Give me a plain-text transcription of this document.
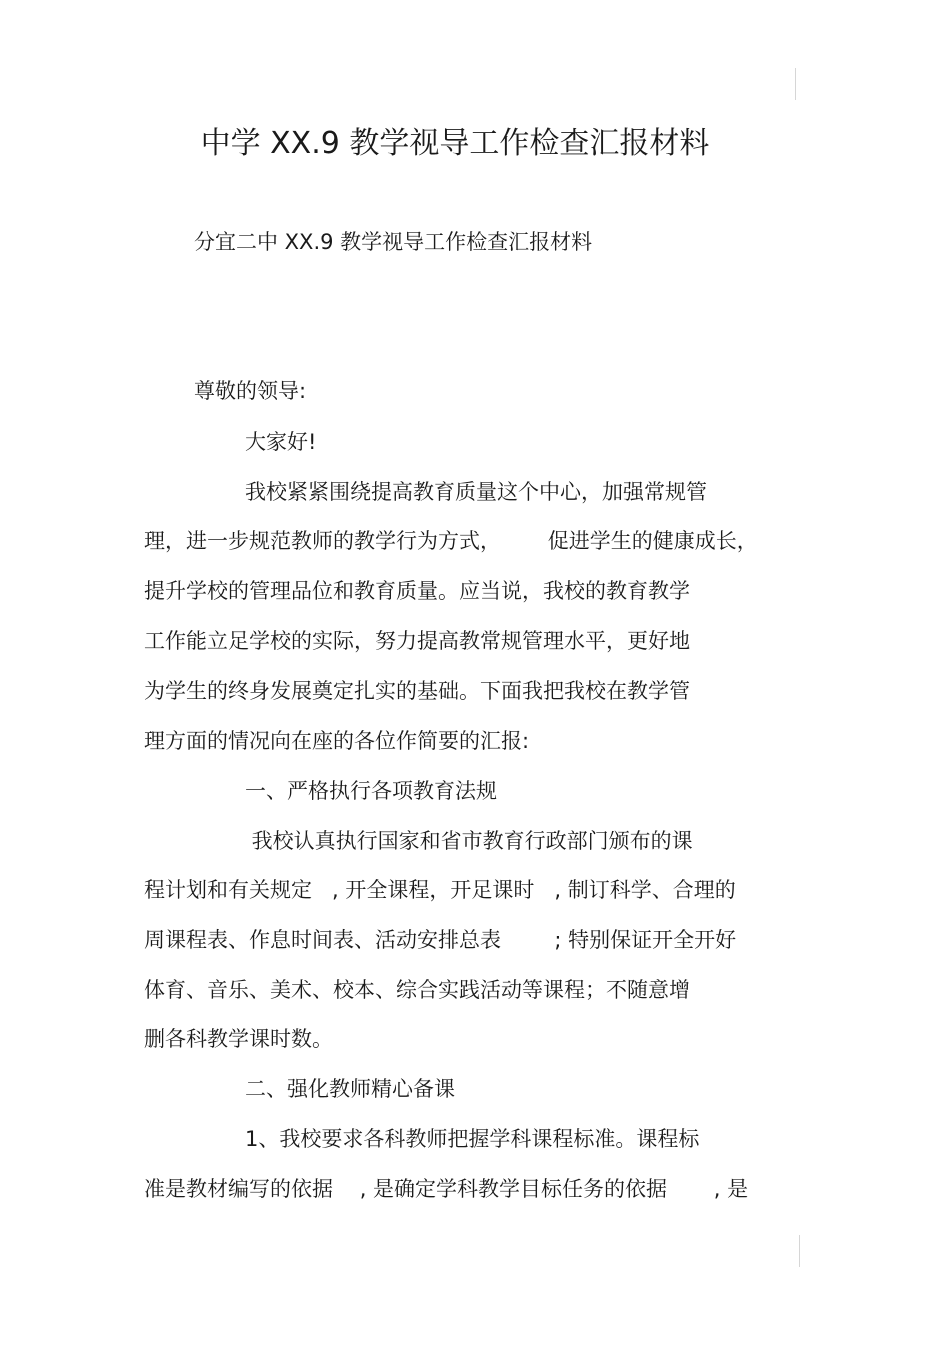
中学 XX.9 教学视导工作检查汇报材料
分宜二中 XX.9 教学视导工作检查汇报材料
尊敬的领导:
大家好!
我校紧紧围绕提高教育质量这个中心，加强常规管
理，进一步规范教师的教学行为方式，       促进学生的健康成长，
提升学校的管理品位和教育质量。应当说，我校的教育教学
工作能立足学校的实际，努力提高教常规管理水平，更好地
为学生的终身发展奠定扎实的基础。下面我把我校在教学管
理方面的情况向在座的各位作简要的汇报:
一、严格执行各项教育法规
我校认真执行国家和省市教育行政部门颁布的课
程计划和有关规定   , 开全课程，开足课时   , 制订科学、合理的
周课程表、作息时间表、活动安排总表        ; 特别保证开全开好
体育、音乐、美术、校本、综合实践活动等课程；不随意增
删各科教学课时数。
二、强化教师精心备课
1、我校要求各科教师把握学科课程标准。课程标
准是教材编写的依据    , 是确定学科教学目标任务的依据       , 是
